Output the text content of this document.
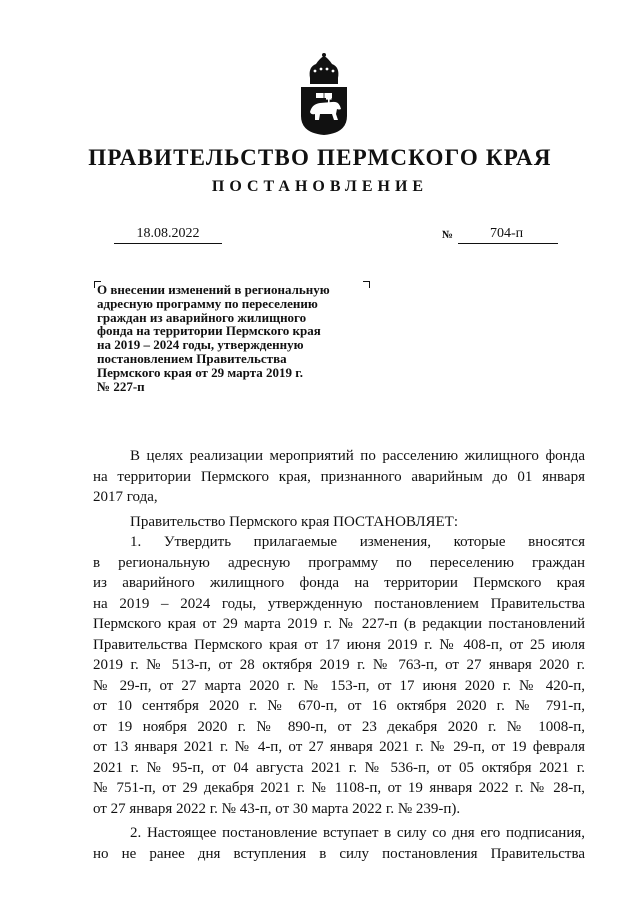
ПРАВИТЕЛЬСТВО ПЕРМСКОГО КРАЯ
ПОСТАНОВЛЕНИЕ
18.08.2022	№	704-п
О внесении изменений в региональную
адресную программу по переселению
граждан из аварийного жилищного
фонда на территории Пермского края
на 2019 – 2024 годы, утвержденную
постановлением Правительства
Пермского края от 29 марта 2019 г.
№ 227-п

В целях реализации мероприятий по расселению жилищного фонда

на территории Пермского края, признанного аварийным до 01 января

2017 года,

Правительство Пермского края ПОСТАНОВЛЯЕТ:

1. Утвердить прилагаемые изменения, которые вносятся

в региональную адресную программу по переселению граждан

из аварийного жилищного фонда на территории Пермского края

на 2019 – 2024 годы, утвержденную постановлением Правительства

Пермского края от 29 марта 2019 г. № 227-п (в редакции постановлений

Правительства Пермского края от 17 июня 2019 г. № 408-п, от 25 июля

2019 г. № 513-п, от 28 октября 2019 г. № 763-п, от 27 января 2020 г.

№ 29-п, от 27 марта 2020 г. № 153-п, от 17 июня 2020 г. № 420-п,

от 10 сентября 2020 г. № 670-п, от 16 октября 2020 г. № 791-п,

от 19 ноября 2020 г. № 890-п, от 23 декабря 2020 г. № 1008-п,

от 13 января 2021 г. № 4-п, от 27 января 2021 г. № 29-п, от 19 февраля

2021 г. № 95-п, от 04 августа 2021 г. № 536-п, от 05 октября 2021 г.

№ 751-п, от 29 декабря 2021 г. № 1108-п, от 19 января 2022 г. № 28-п,

от 27 января 2022 г. № 43-п, от 30 марта 2022 г. № 239-п).

2. Настоящее постановление вступает в силу со дня его подписания,

но не ранее дня вступления в силу постановления Правительства
